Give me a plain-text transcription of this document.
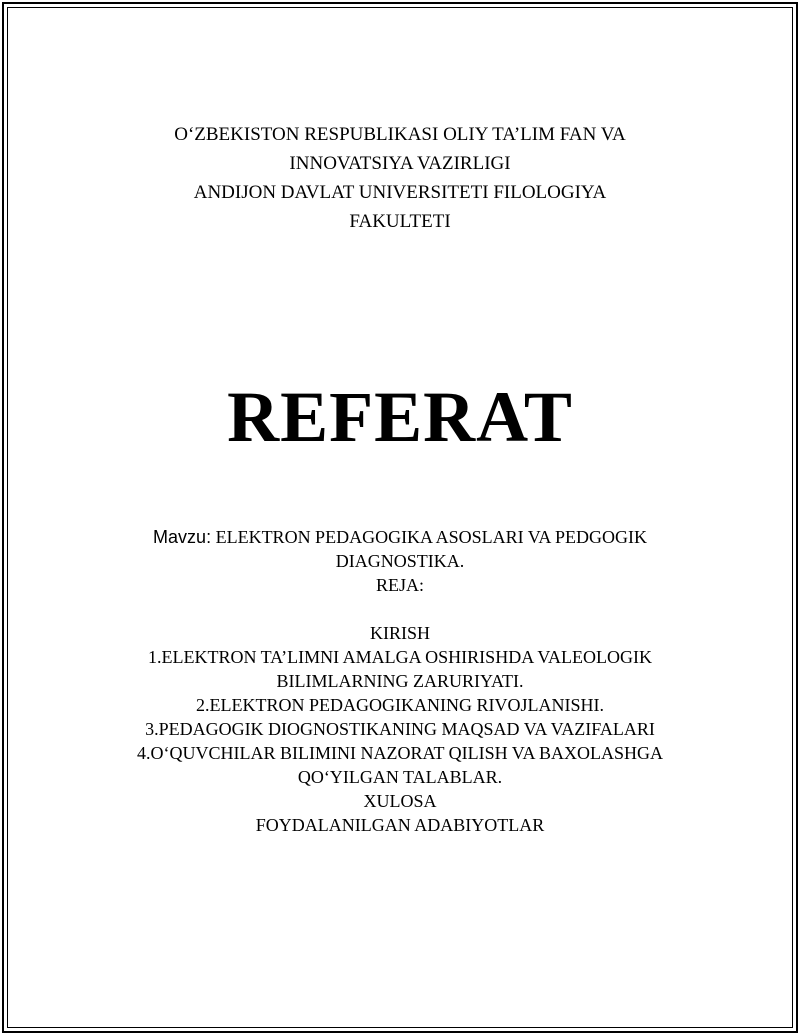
O‘ZBEKISTON RESPUBLIKASI OLIY TA’LIM FAN VA
INNOVATSIYA VAZIRLIGI
ANDIJON DAVLAT UNIVERSITETI FILOLOGIYA
FAKULTETI
REFERAT
Mavzu: ELEKTRON PEDAGOGIKA ASOSLARI VA PEDGOGIK
DIAGNOSTIKA.
REJA:
KIRISH
1.ELEKTRON TA’LIMNI AMALGA OSHIRISHDA VALEOLOGIK
BILIMLARNING ZARURIYATI.
2.ELEKTRON PEDAGOGIKANING RIVOJLANISHI.
3.PEDAGOGIK DIOGNOSTIKANING MAQSAD VA VAZIFALARI
4.O‘QUVCHILAR BILIMINI NAZORAT QILISH VA BAXOLASHGA
QO‘YILGAN TALABLAR.
XULOSA
FOYDALANILGAN ADABIYOTLAR
